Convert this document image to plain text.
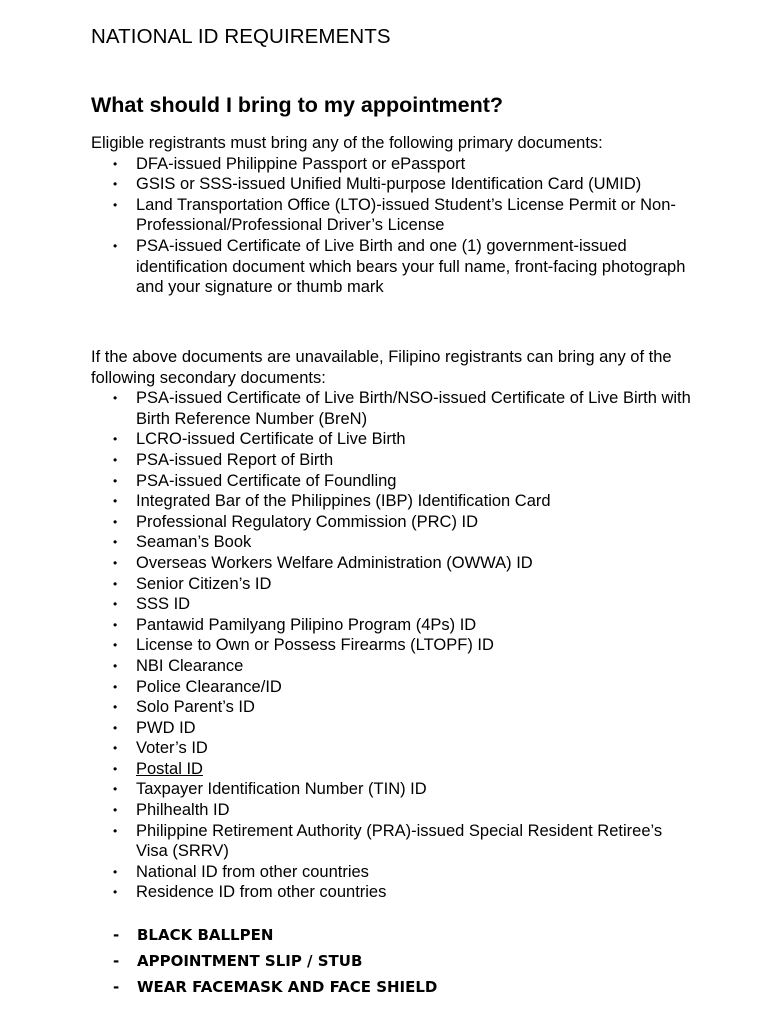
NATIONAL ID REQUIREMENTS
What should I bring to my appointment?

Eligible registrants must bring any of the following primary documents:

• DFA-issued Philippine Passport or ePassport
• GSIS or SSS-issued Unified Multi-purpose Identification Card (UMID)
• Land Transportation Office (LTO)-issued Student’s License Permit or Non-Professional/Professional Driver’s License
• PSA-issued Certificate of Live Birth and one (1) government-issued identification document which bears your full name, front-facing photograph and your signature or thumb mark

If the above documents are unavailable, Filipino registrants can bring any of the following secondary documents:

• PSA-issued Certificate of Live Birth/NSO-issued Certificate of Live Birth with Birth Reference Number (BreN)
• LCRO-issued Certificate of Live Birth
• PSA-issued Report of Birth
• PSA-issued Certificate of Foundling
• Integrated Bar of the Philippines (IBP) Identification Card
• Professional Regulatory Commission (PRC) ID
• Seaman’s Book
• Overseas Workers Welfare Administration (OWWA) ID
• Senior Citizen’s ID
• SSS ID
• Pantawid Pamilyang Pilipino Program (4Ps) ID
• License to Own or Possess Firearms (LTOPF) ID
• NBI Clearance
• Police Clearance/ID
• Solo Parent’s ID
• PWD ID
• Voter’s ID
• Postal ID
• Taxpayer Identification Number (TIN) ID
• Philhealth ID
• Philippine Retirement Authority (PRA)-issued Special Resident Retiree’s Visa (SRRV)
• National ID from other countries
• Residence ID from other countries
- BLACK BALLPEN
- APPOINTMENT SLIP / STUB
- WEAR FACEMASK AND FACE SHIELD
